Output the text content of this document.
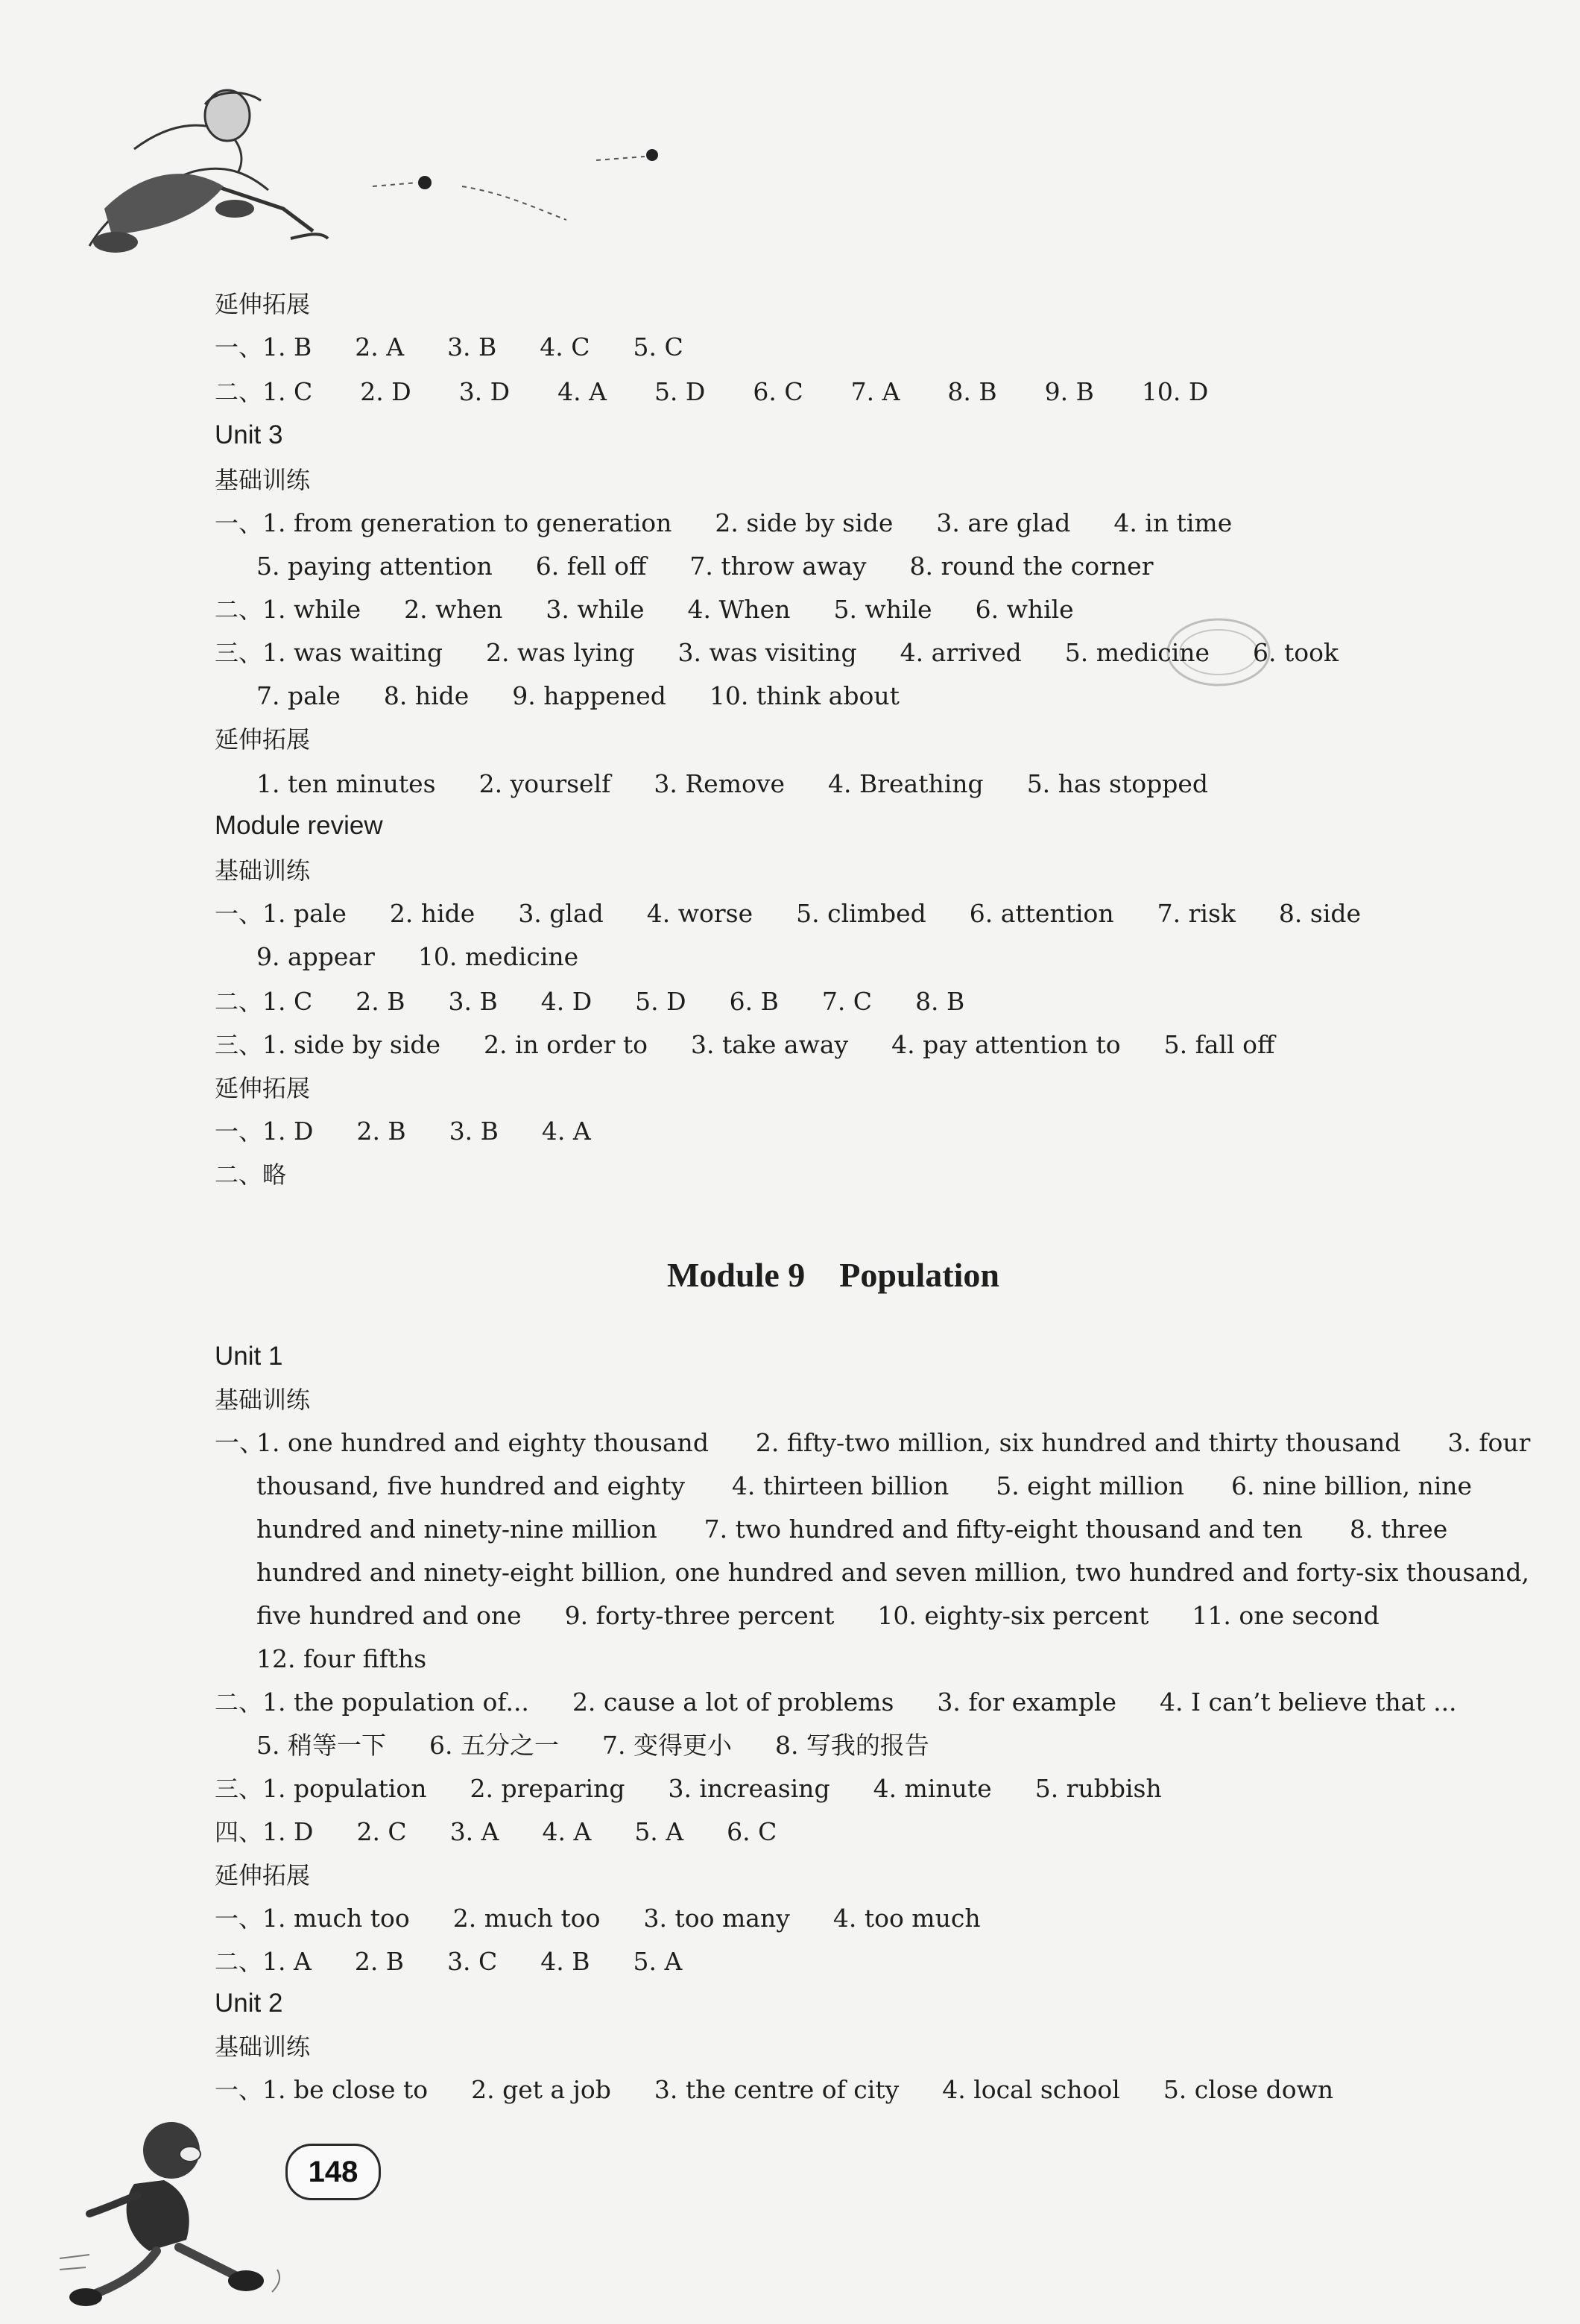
延伸拓展
一、1. B 2. A 3. B 4. C 5. C
二、1. C 2. D 3. D 4. A 5. D 6. C 7. A 8. B 9. B 10. D
Unit 3
基础训练
一、1. from generation to generation 2. side by side 3. are glad 4. in time
5. paying attention 6. fell off 7. throw away 8. round the corner
二、1. while 2. when 3. while 4. When 5. while 6. while
三、1. was waiting 2. was lying 3. was visiting 4. arrived 5. medicine 6. took
7. pale 8. hide 9. happened 10. think about
延伸拓展
1. ten minutes 2. yourself 3. Remove 4. Breathing 5. has stopped
Module review
基础训练
一、1. pale 2. hide 3. glad 4. worse 5. climbed 6. attention 7. risk 8. side
9. appear 10. medicine
二、1. C 2. B 3. B 4. D 5. D 6. B 7. C 8. B
三、1. side by side 2. in order to 3. take away 4. pay attention to 5. fall off
延伸拓展
一、1. D 2. B 3. B 4. A
二、略
Module 9    Population
Unit 1
基础训练
一、
1. one hundred and eighty thousand      2. fifty-two million, six hundred and thirty thousand      3. four
thousand, five hundred and eighty      4. thirteen billion      5. eight million      6. nine billion, nine
hundred and ninety-nine million      7. two hundred and fifty-eight thousand and ten      8. three
hundred and ninety-eight billion, one hundred and seven million, two hundred and forty-six thousand,
five hundred and one 9. forty-three percent 10. eighty-six percent 11. one second
12. four fifths
二、1. the population of... 2. cause a lot of problems 3. for example 4. I can’t believe that ...
5. 稍等一下 6. 五分之一 7. 变得更小 8. 写我的报告
三、1. population 2. preparing 3. increasing 4. minute 5. rubbish
四、1. D 2. C 3. A 4. A 5. A 6. C
延伸拓展
一、1. much too 2. much too 3. too many 4. too much
二、1. A 2. B 3. C 4. B 5. A
Unit 2
基础训练
一、1. be close to 2. get a job 3. the centre of city 4. local school 5. close down
148
